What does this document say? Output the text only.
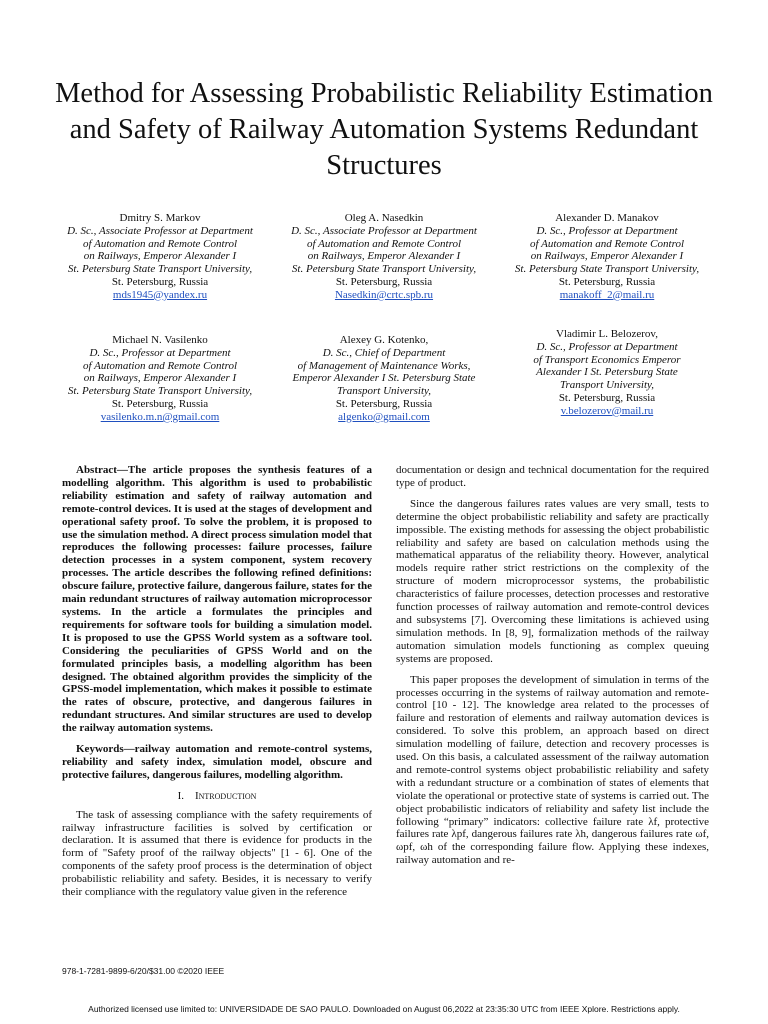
Method for Assessing Probabilistic Reliability Estimation and Safety of Railway Automation Systems Redundant Structures
Dmitry S. Markov
D. Sc., Associate Professor at Department
of Automation and Remote Control
on Railways, Emperor Alexander I
St. Petersburg State Transport University,
St. Petersburg, Russia
mds1945@yandex.ru
Oleg A. Nasedkin
D. Sc., Associate Professor at Department
of Automation and Remote Control
on Railways, Emperor Alexander I
St. Petersburg State Transport University,
St. Petersburg, Russia
Nasedkin@crtc.spb.ru
Alexander D. Manakov
D. Sc., Professor at Department
of Automation and Remote Control
on Railways, Emperor Alexander I
St. Petersburg State Transport University,
St. Petersburg, Russia
manakoff_2@mail.ru
Michael N. Vasilenko
D. Sc., Professor at Department
of Automation and Remote Control
on Railways, Emperor Alexander I
St. Petersburg State Transport University,
St. Petersburg, Russia
vasilenko.m.n@gmail.com
Alexey G. Kotenko,
D. Sc., Chief of Department
of Management of Maintenance Works,
Emperor Alexander I St. Petersburg State
Transport University,
St. Petersburg, Russia
algenko@gmail.com
Vladimir L. Belozerov,
D. Sc., Professor at Department
of Transport Economics Emperor
Alexander I St. Petersburg State
Transport University,
St. Petersburg, Russia
v.belozerov@mail.ru

Abstract—The article proposes the synthesis features of a modelling algorithm. This algorithm is used to probabilistic reliability estimation and safety of railway automation and remote-control devices. It is used at the stages of development and operational safety proof. To solve the problem, it is proposed to use the simulation method. A direct process simulation model that reproduces the following processes: failure processes, failure detection processes in a system component, system recovery processes. The article describes the following refined definitions: obscure failure, protective failure, dangerous failure, states for the main redundant structures of railway automation microprocessor systems. In the article a formulates the principles and requirements for software tools for building a simulation model. It is proposed to use the GPSS World system as a software tool. Considering the peculiarities of GPSS World and on the formulated principles basis, a modelling algorithm has been designed. The obtained algorithm provides the simplicity of the GPSS-model implementation, which makes it possible to estimate the rates of obscure, protective, and dangerous failures in redundant structures. And similar structures are used to develop the railway automation systems.

Keywords—railway automation and remote-control systems, reliability and safety index, simulation model, obscure and protective failures, dangerous failures, modelling algorithm.

I. Introduction

The task of assessing compliance with the safety requirements of railway infrastructure facilities is solved by certification or declaration. It is assumed that there is evidence for products in the form of "Safety proof of the railway objects" [1 - 6]. One of the components of the safety proof process is the determination of object probabilistic reliability and safety. Besides, it is necessary to verify their compliance with the regulatory value given in the reference

documentation or design and technical documentation for the required type of product.

Since the dangerous failures rates values are very small, tests to determine the object probabilistic reliability and safety are practically impossible. The existing methods for assessing the object probabilistic reliability and safety are based on calculation methods using the mathematical apparatus of the reliability theory. However, analytical models require rather strict restrictions on the complexity of the structure of modern microprocessor systems, the probabilistic characteristics of failure processes, detection processes and restorative function processes of railway automation and remote-control devices and subsystems [7]. Overcoming these limitations is achieved using simulation methods. In [8, 9], formalization methods of the railway automation simulation models functioning as complex queuing systems are proposed.

This paper proposes the development of simulation in terms of the processes occurring in the systems of railway automation and remote-control [10 - 12]. The knowledge area related to the processes of failure and restoration of elements and railway automation devices is considered. To solve this problem, an approach based on direct simulation modelling of failure, detection and recovery processes is used. On this basis, a calculated assessment of the railway automation and remote-control systems object probabilistic reliability and safety with a redundant structure or a combination of states of elements that violate the operational or protective state of systems is carried out. The object probabilistic indicators of reliability and safety list include the following “primary” indicators: collective failure rate λf, protective failures rate λpf, dangerous failures rate λh, dangerous failures rate ωf, ωpf, ωh of the corresponding failure flow. Applying these indexes, railway automation and re-

978-1-7281-9899-6/20/$31.00 ©2020 IEEE
Authorized licensed use limited to: UNIVERSIDADE DE SAO PAULO. Downloaded on August 06,2022 at 23:35:30 UTC from IEEE Xplore. Restrictions apply.
